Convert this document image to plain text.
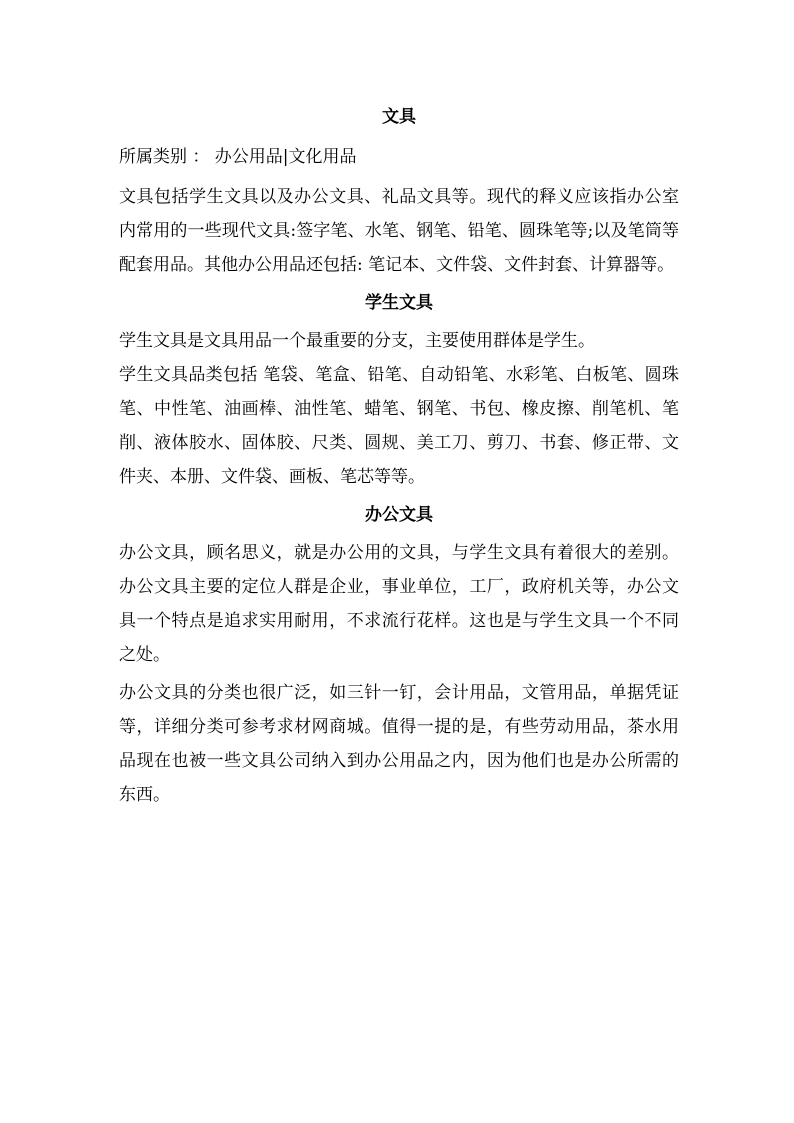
文具

所属类别 ： 办公用品|文化用品

文具包括学生文具以及办公文具、礼品文具等。现代的释义应该指办公室内常用的一些现代文具:签字笔、水笔、钢笔、铅笔、圆珠笔等;以及笔筒等配套用品。其他办公用品还包括: 笔记本、文件袋、文件封套、计算器等。

学生文具

学生文具是文具用品一个最重要的分支，主要使用群体是学生。

学生文具品类包括 笔袋、笔盒、铅笔、自动铅笔、水彩笔、白板笔、圆珠笔、中性笔、油画棒、油性笔、蜡笔、钢笔、书包、橡皮擦、削笔机、笔削、液体胶水、固体胶、尺类、圆规、美工刀、剪刀、书套、修正带、文件夹、本册、文件袋、画板、笔芯等等。

办公文具

办公文具，顾名思义，就是办公用的文具，与学生文具有着很大的差别。办公文具主要的定位人群是企业，事业单位，工厂，政府机关等，办公文具一个特点是追求实用耐用，不求流行花样。这也是与学生文具一个不同之处。

办公文具的分类也很广泛，如三针一钉，会计用品，文管用品，单据凭证等，详细分类可参考求材网商城。值得一提的是，有些劳动用品，茶水用品现在也被一些文具公司纳入到办公用品之内，因为他们也是办公所需的东西。
